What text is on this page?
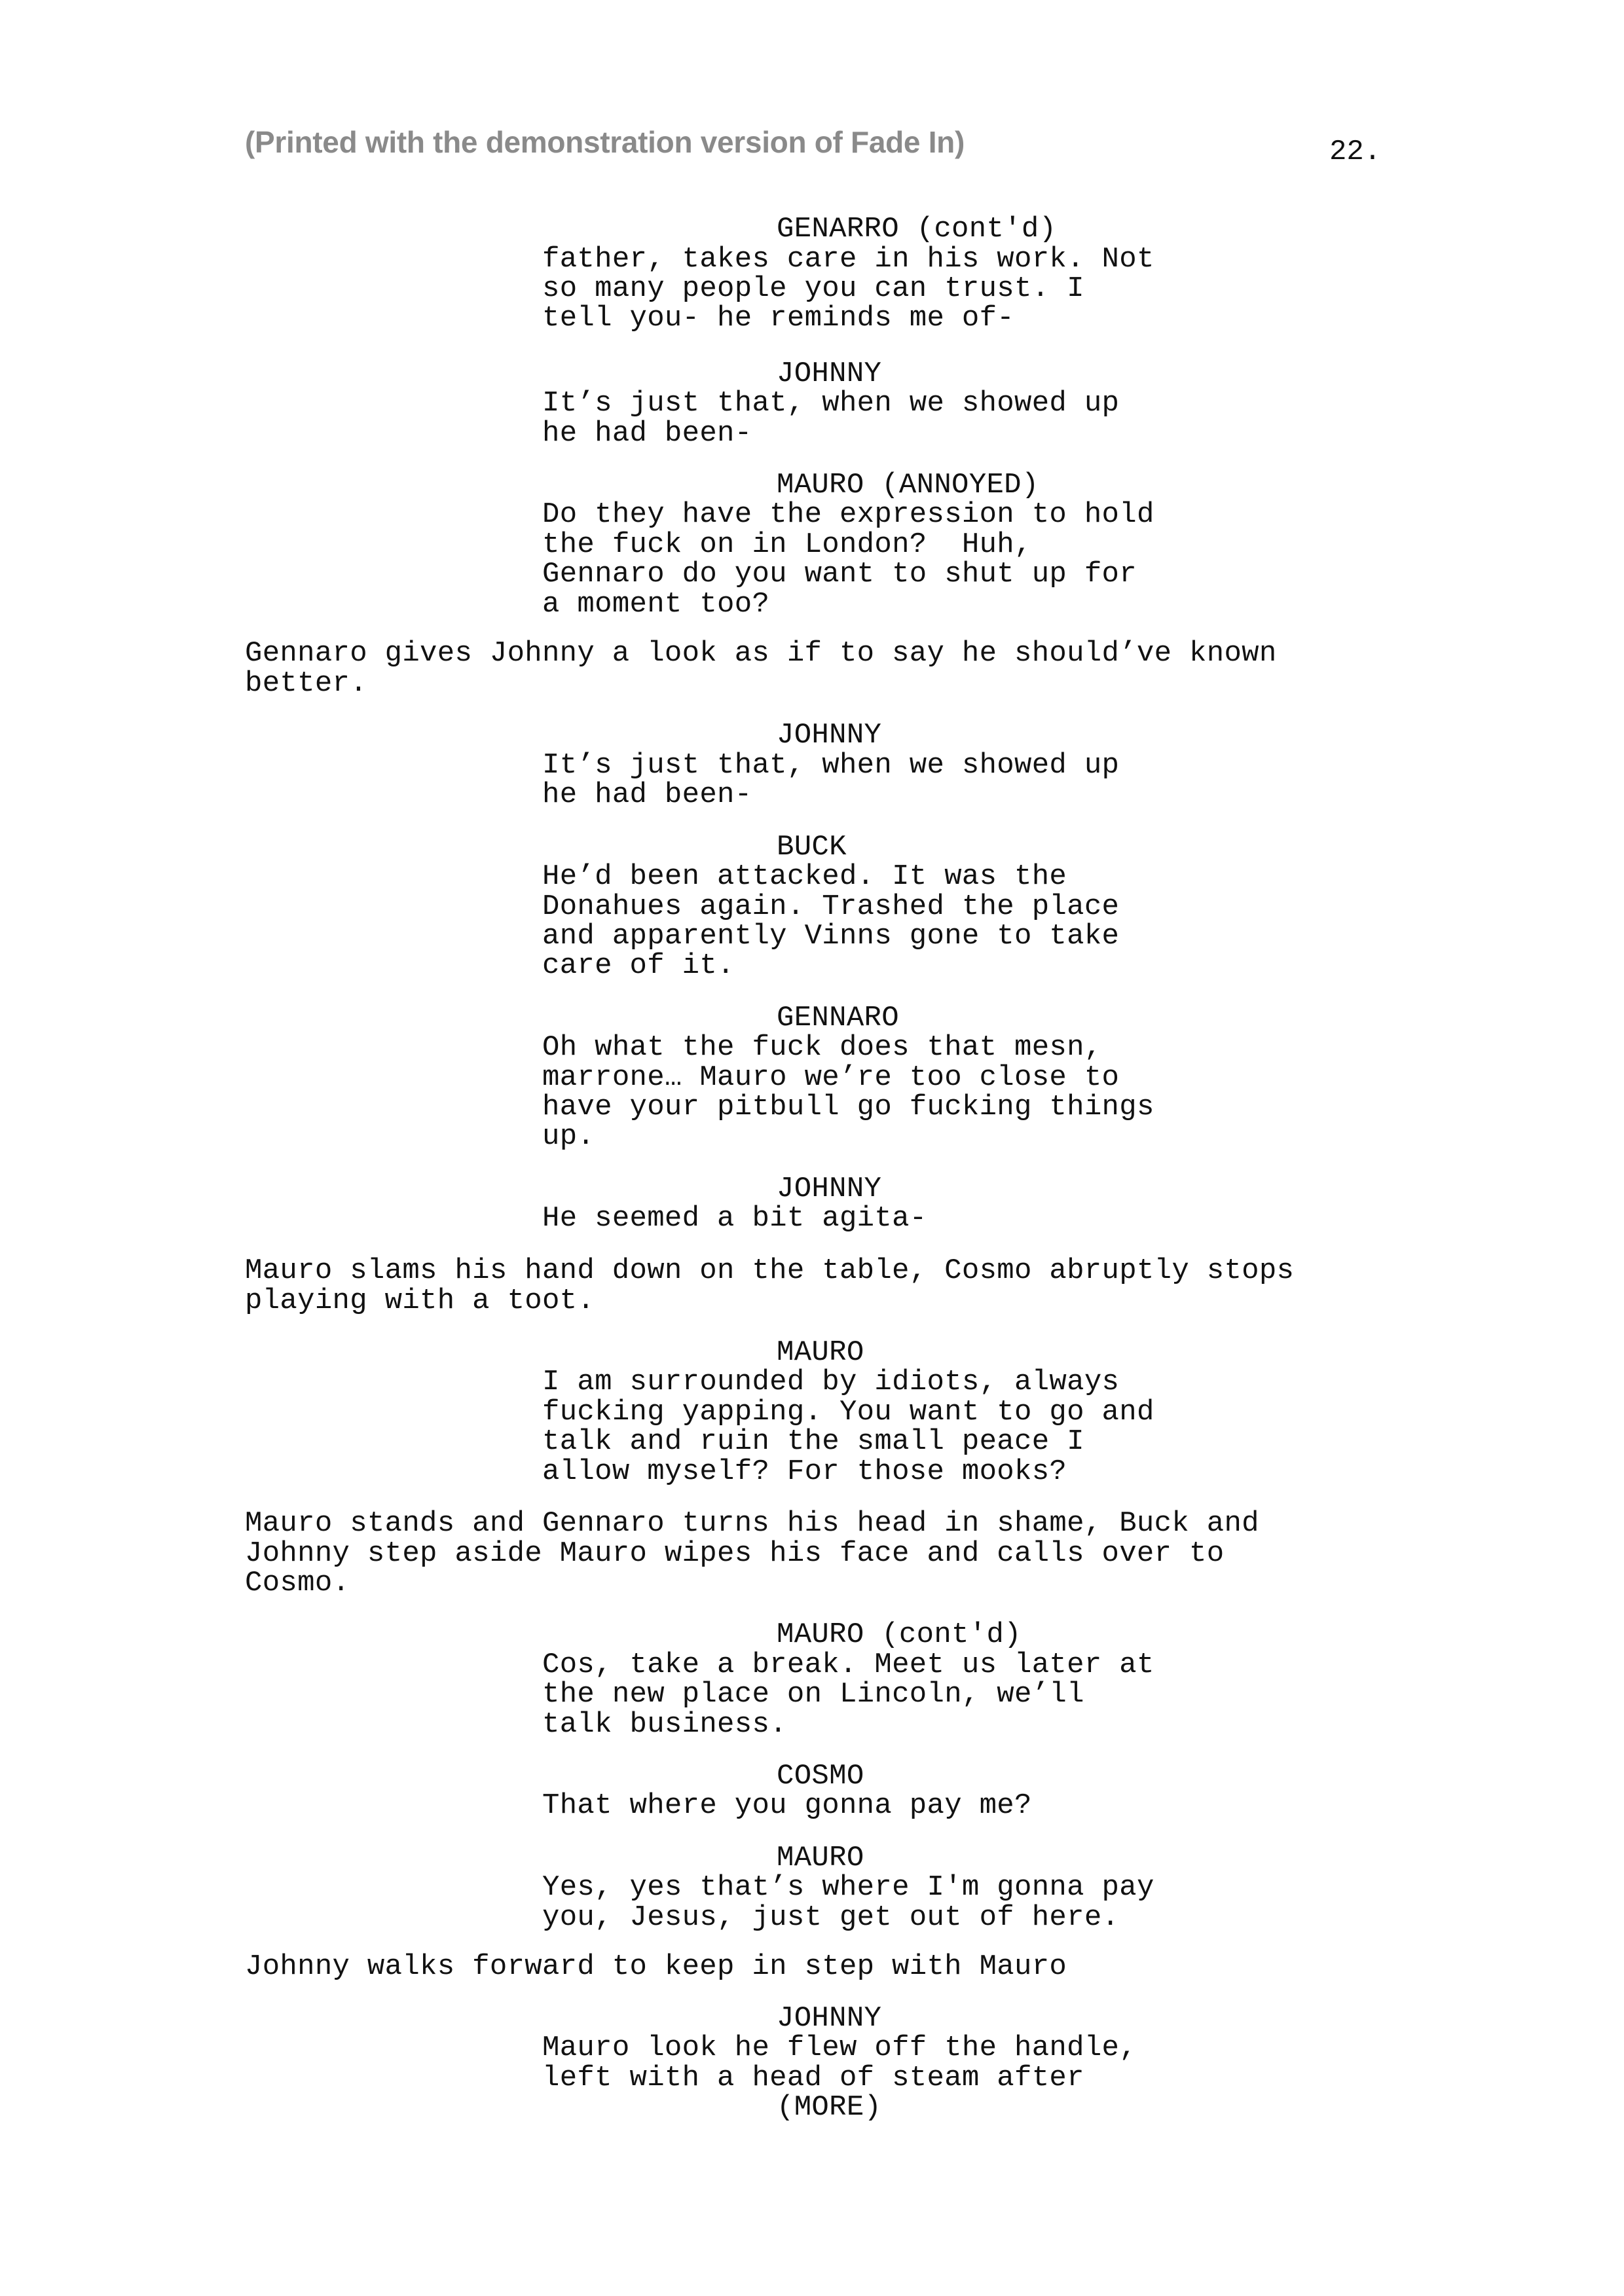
(Printed with the demonstration version of Fade In)	22.
GENARRO (cont'd)
father, takes care in his work. Not
so many people you can trust. I
tell you- he reminds me of-
JOHNNY
It’s just that, when we showed up
he had been-
MAURO (ANNOYED)
Do they have the expression to hold
the fuck on in London?  Huh,
Gennaro do you want to shut up for
a moment too?
Gennaro gives Johnny a look as if to say he should’ve known
better.
JOHNNY
It’s just that, when we showed up
he had been-
BUCK
He’d been attacked. It was the
Donahues again. Trashed the place
and apparently Vinns gone to take
care of it.
GENNARO
Oh what the fuck does that mesn,
marrone… Mauro we’re too close to
have your pitbull go fucking things
up.
JOHNNY
He seemed a bit agita-
Mauro slams his hand down on the table, Cosmo abruptly stops
playing with a toot.
MAURO
I am surrounded by idiots, always
fucking yapping. You want to go and
talk and ruin the small peace I
allow myself? For those mooks?
Mauro stands and Gennaro turns his head in shame, Buck and
Johnny step aside Mauro wipes his face and calls over to
Cosmo.
MAURO (cont'd)
Cos, take a break. Meet us later at
the new place on Lincoln, we’ll
talk business.
COSMO
That where you gonna pay me?
MAURO
Yes, yes that’s where I'm gonna pay
you, Jesus, just get out of here.
Johnny walks forward to keep in step with Mauro
JOHNNY
Mauro look he flew off the handle,
left with a head of steam after
(MORE)
